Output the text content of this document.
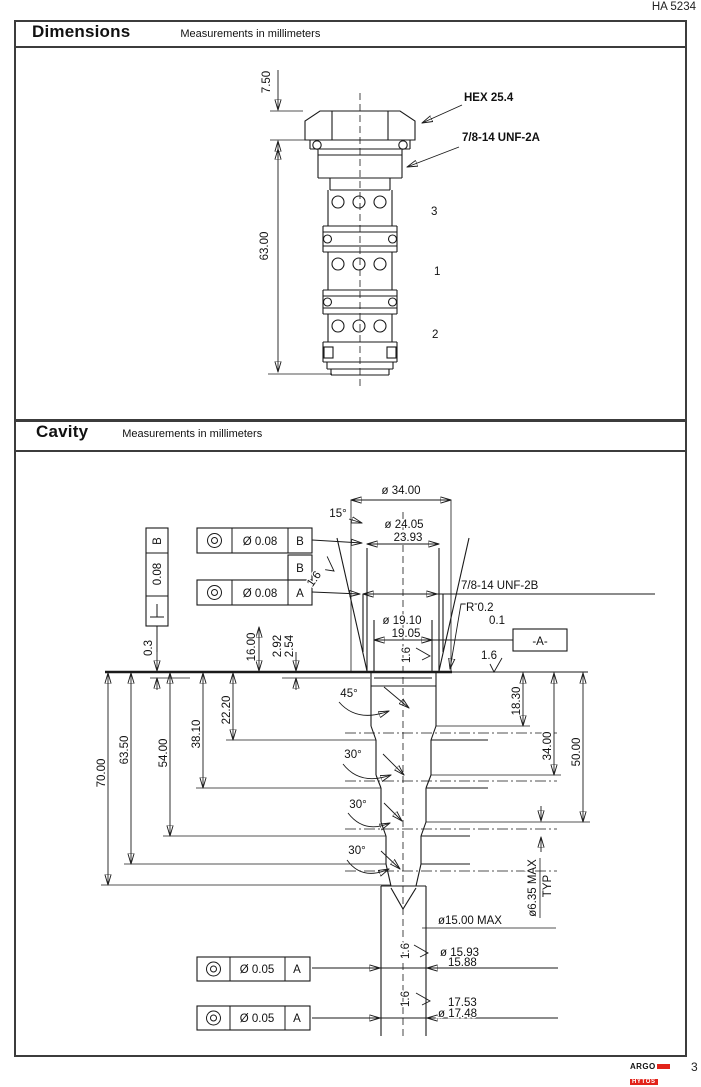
HA 5234
Dimensions	Measurements in millimeters
Cavity	Measurements in millimeters
7.50
63.00
HEX 25.4
7/8-14 UNF-2A
3
1
2
-A-
B
0.08
Ø 0.08 B
B
Ø 0.08 A
Ø 0.05 A
Ø 0.05 A
1.6
1.6	1.6
1.6
1.6
ø 34.00
15°
ø 24.05
23.93
7/8-14 UNF-2B
R 0.2
0.1
ø 19.10
19.05
0.3	16.00 2.92 2.54
22.20
38.10
54.00
63.50
70.00
18.30
34.00 50.00
45°
30°
30°
30°
ø6.35 MAX TYP
ø15.00 MAX
ø 15.93
15.88
17.53
ø 17.48
ARGO
HYTOS
3
